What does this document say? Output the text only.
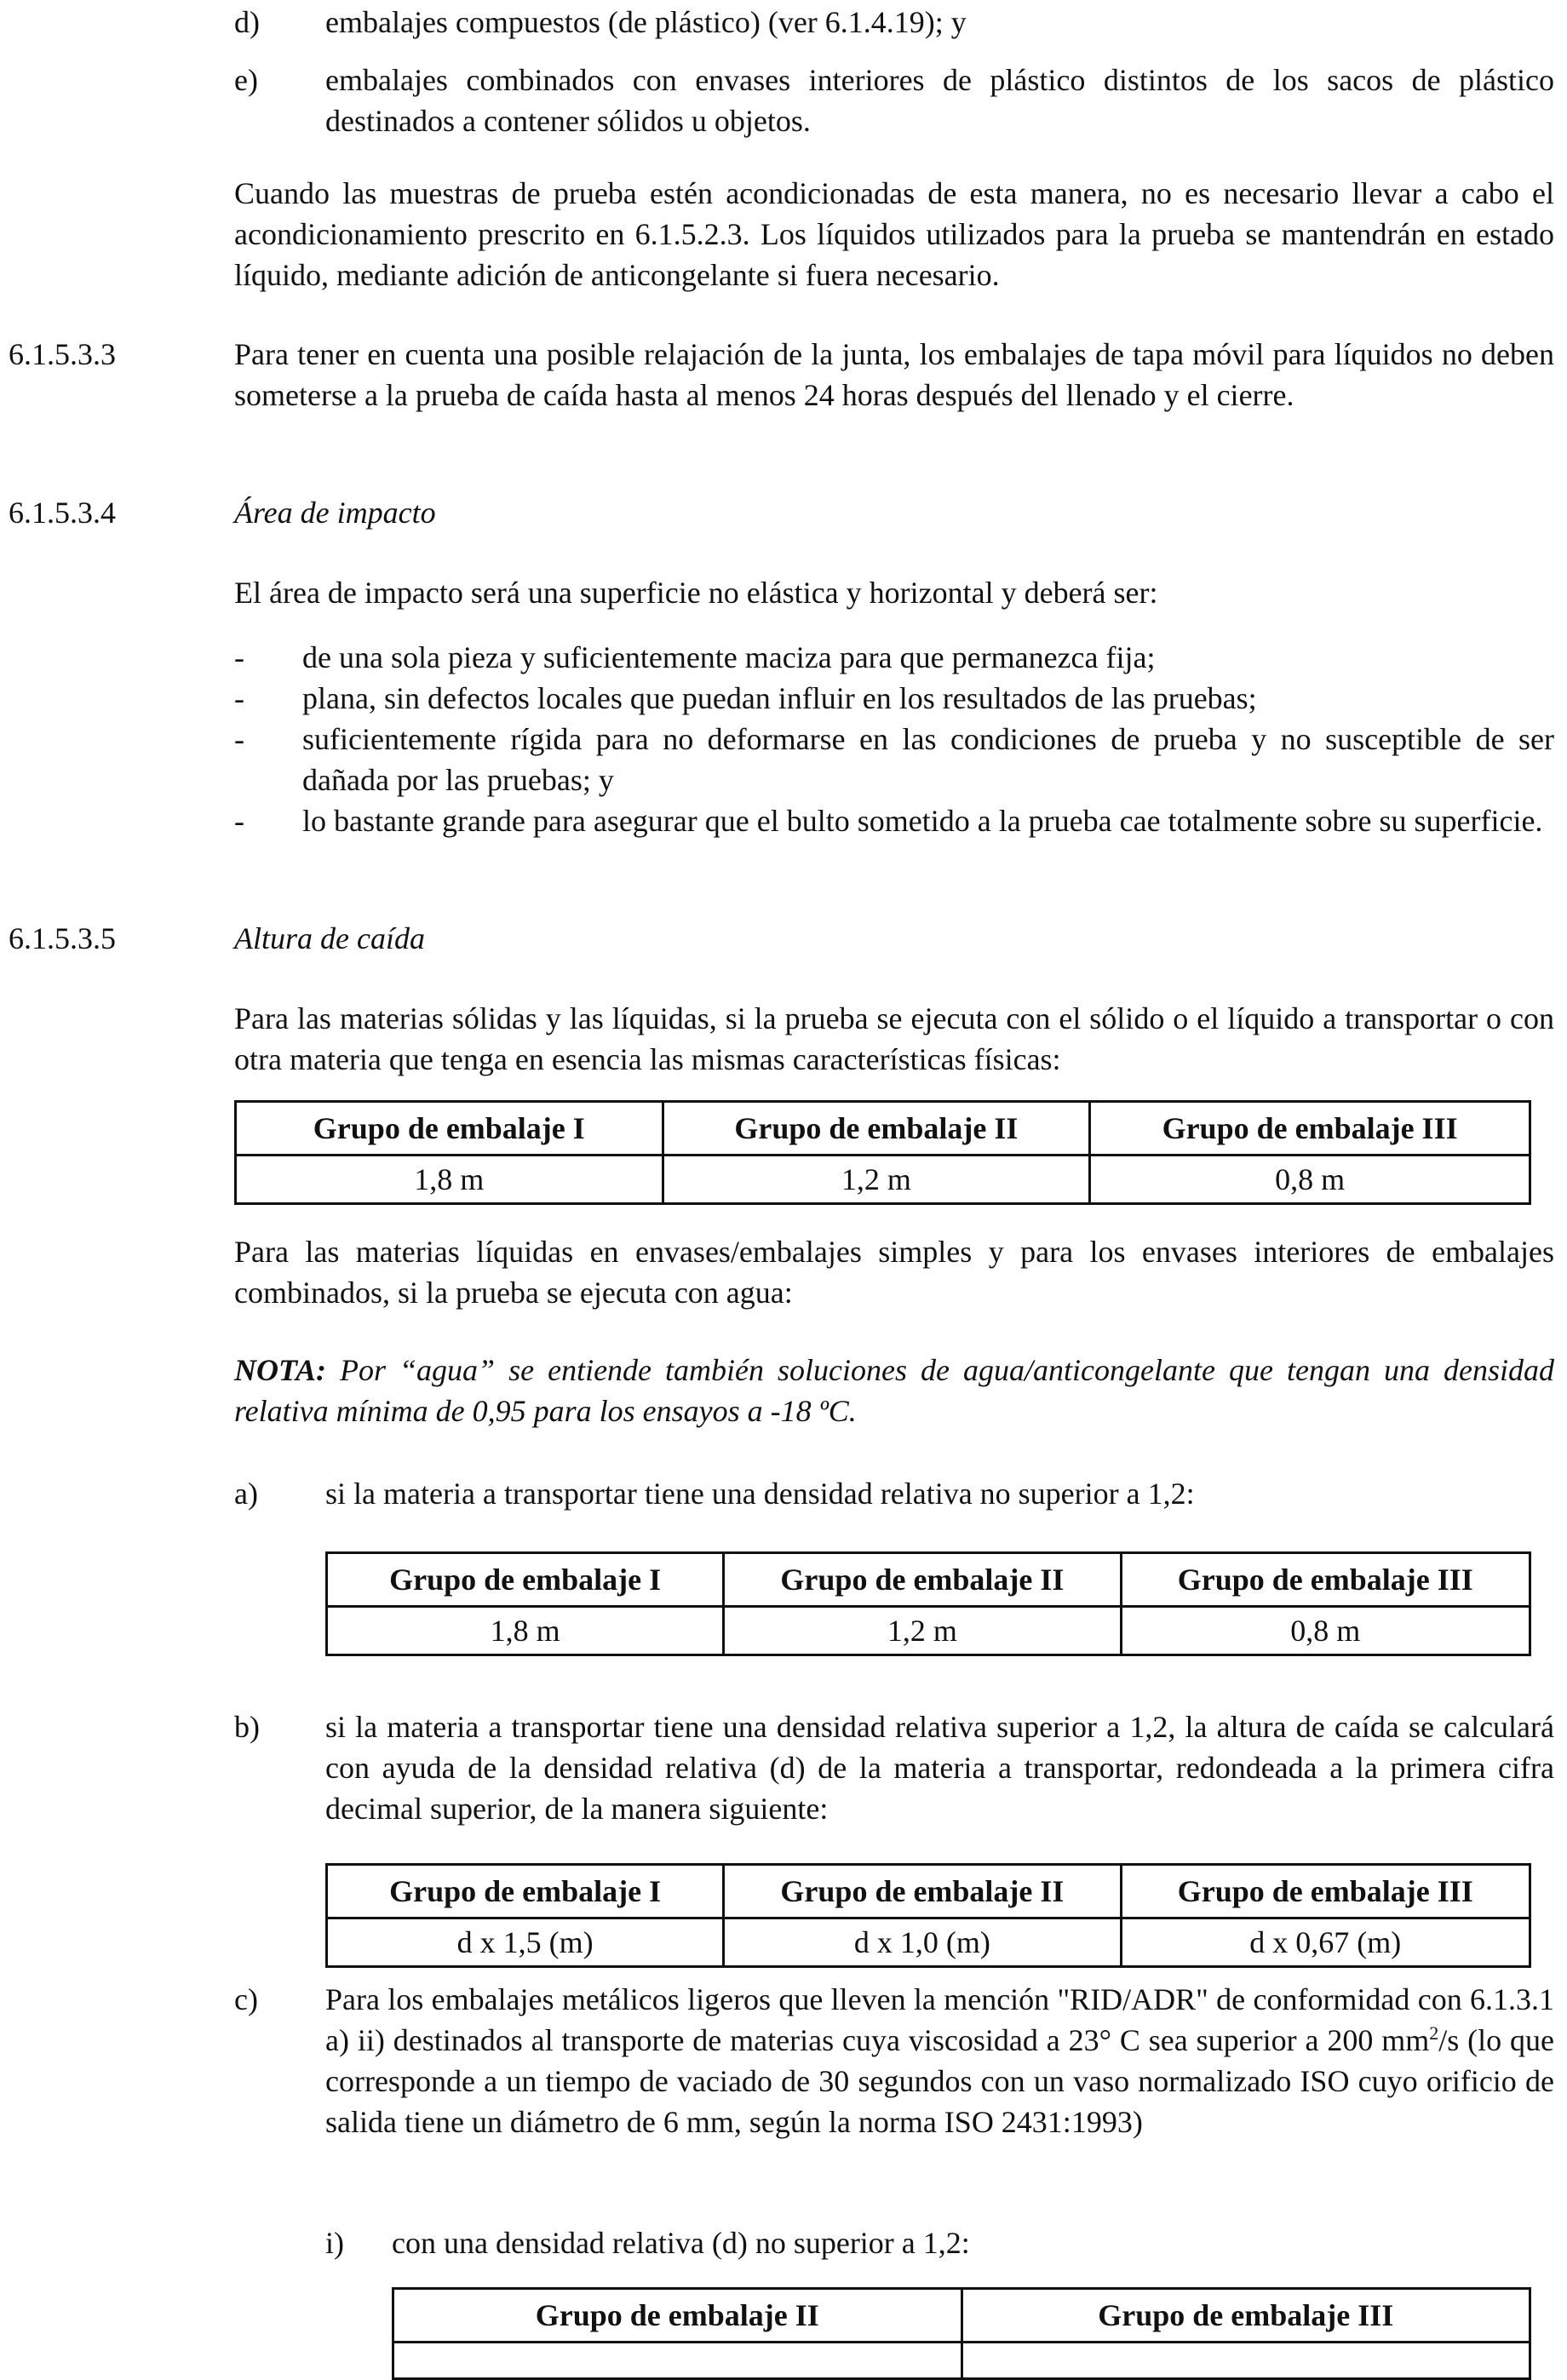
d) embalajes compuestos (de plástico) (ver 6.1.4.19); y
e) embalajes combinados con envases interiores de plástico distintos de los sacos de plástico destinados a contener sólidos u objetos.
Cuando las muestras de prueba estén acondicionadas de esta manera, no es necesario llevar a cabo el acondicionamiento prescrito en 6.1.5.2.3. Los líquidos utilizados para la prueba se mantendrán en estado líquido, mediante adición de anticongelante si fuera necesario.
6.1.5.3.3	Para tener en cuenta una posible relajación de la junta, los embalajes de tapa móvil para líquidos no deben someterse a la prueba de caída hasta al menos 24 horas después del llenado y el cierre.
6.1.5.3.4	Área de impacto
El área de impacto será una superficie no elástica y horizontal y deberá ser:
- de una sola pieza y suficientemente maciza para que permanezca fija;
- plana, sin defectos locales que puedan influir en los resultados de las pruebas;
- suficientemente rígida para no deformarse en las condiciones de prueba y no susceptible de ser dañada por las pruebas; y
- lo bastante grande para asegurar que el bulto sometido a la prueba cae totalmente sobre su superficie.
6.1.5.3.5	Altura de caída
Para las materias sólidas y las líquidas, si la prueba se ejecuta con el sólido o el líquido a transportar o con otra materia que tenga en esencia las mismas características físicas:
Grupo de embalaje I	Grupo de embalaje II	Grupo de embalaje III
1,8 m	1,2 m	0,8 m
Para las materias líquidas en envases/embalajes simples y para los envases interiores de embalajes combinados, si la prueba se ejecuta con agua:
NOTA: Por “agua” se entiende también soluciones de agua/anticongelante que tengan una densidad relativa mínima de 0,95 para los ensayos a -18 ºC.
a) si la materia a transportar tiene una densidad relativa no superior a 1,2:
Grupo de embalaje I	Grupo de embalaje II	Grupo de embalaje III
1,8 m	1,2 m	0,8 m
b) si la materia a transportar tiene una densidad relativa superior a 1,2, la altura de caída se calculará con ayuda de la densidad relativa (d) de la materia a transportar, redondeada a la primera cifra decimal superior, de la manera siguiente:
Grupo de embalaje I	Grupo de embalaje II	Grupo de embalaje III
d x 1,5 (m)	d x 1,0 (m)	d x 0,67 (m)
c) Para los embalajes metálicos ligeros que lleven la mención "RID/ADR" de conformidad con 6.1.3.1 a) ii) destinados al transporte de materias cuya viscosidad a 23° C sea superior a 200 $mm^2/s$ (lo que corresponde a un tiempo de vaciado de 30 segundos con un vaso normalizado ISO cuyo orificio de salida tiene un diámetro de 6 mm, según la norma ISO 2431:1993)
i) con una densidad relativa (d) no superior a 1,2:
Grupo de embalaje II	Grupo de embalaje III
